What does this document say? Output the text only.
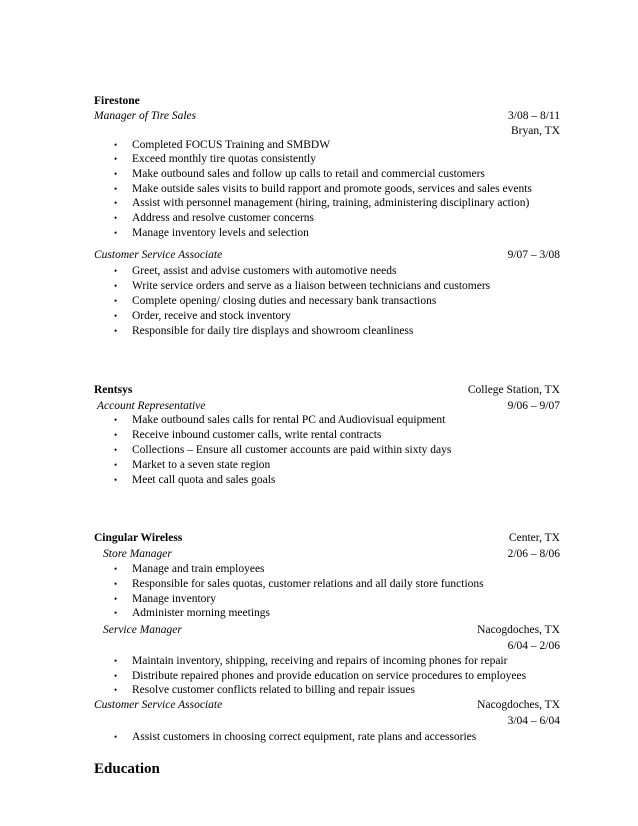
Firestone
Manager of Tire Sales	3/08 – 8/11
Bryan, TX
• Completed FOCUS Training and SMBDW
• Exceed monthly tire quotas consistently
• Make outbound sales and follow up calls to retail and commercial customers
• Make outside sales visits to build rapport and promote goods, services and sales events
• Assist with personnel management (hiring, training, administering disciplinary action)
• Address and resolve customer concerns
• Manage inventory levels and selection
Customer Service Associate	9/07 – 3/08
• Greet, assist and advise customers with automotive needs
• Write service orders and serve as a liaison between technicians and customers
• Complete opening/ closing duties and necessary bank transactions
• Order, receive and stock inventory
• Responsible for daily tire displays and showroom cleanliness
Rentsys	College Station, TX
Account Representative	9/06 – 9/07
• Make outbound sales calls for rental PC and Audiovisual equipment
• Receive inbound customer calls, write rental contracts
• Collections – Ensure all customer accounts are paid within sixty days
• Market to a seven state region
• Meet call quota and sales goals
Cingular Wireless	Center, TX
Store Manager	2/06 – 8/06
• Manage and train employees
• Responsible for sales quotas, customer relations and all daily store functions
• Manage inventory
• Administer morning meetings
Service Manager	Nacogdoches, TX
6/04 – 2/06
• Maintain inventory, shipping, receiving and repairs of incoming phones for repair
• Distribute repaired phones and provide education on service procedures to employees
• Resolve customer conflicts related to billing and repair issues
Customer Service Associate	Nacogdoches, TX
3/04 – 6/04
• Assist customers in choosing correct equipment, rate plans and accessories
Education
